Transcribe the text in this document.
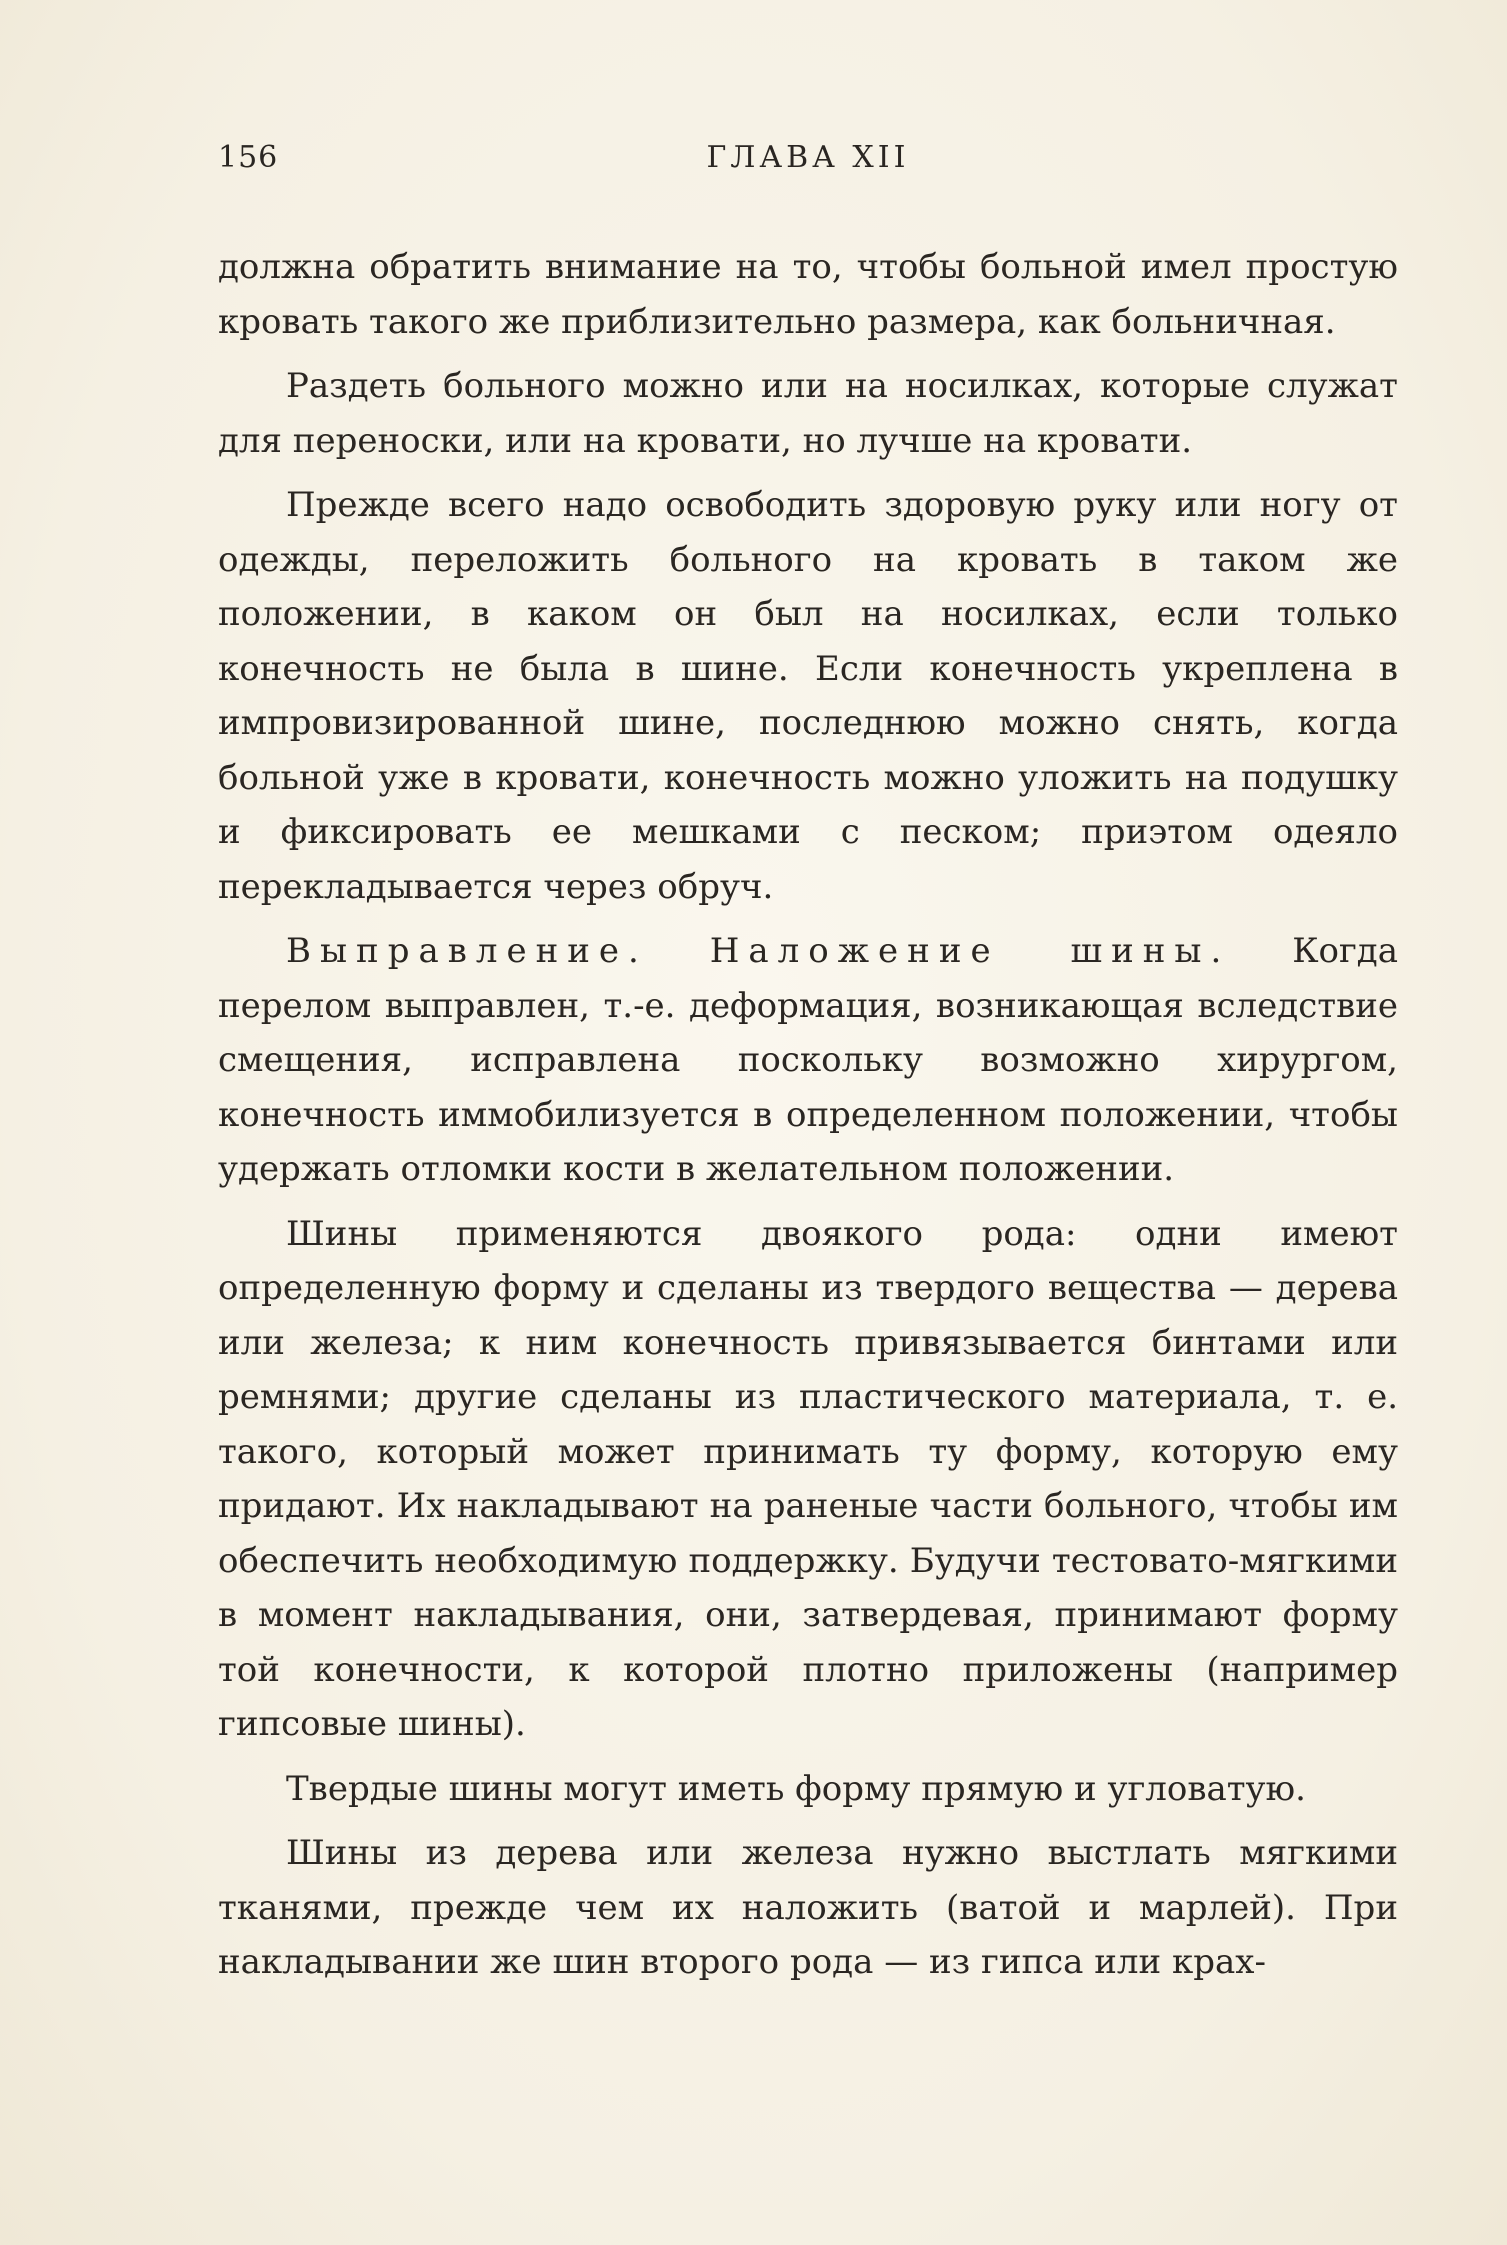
156	ГЛАВА XII

должна обратить внимание на то, чтобы больной имел простую кровать такого же приблизительно размера, как больничная.

Раздеть больного можно или на носилках, которые служат для переноски, или на кровати, но лучше на кровати.

Прежде всего надо освободить здоровую руку или ногу от одежды, переложить больного на кровать в таком же положении, в каком он был на носилках, если только конечность не была в шине. Если конечность укреплена в импровизированной шине, последнюю можно снять, когда больной уже в кровати, конечность можно уложить на подушку и фиксировать ее мешками с песком; приэтом одеяло перекладывается через обруч.

Выправление. Наложение шины. Когда перелом выправлен, т.-е. деформация, возникающая вследствие смещения, исправлена поскольку возможно хирургом, конечность иммобилизуется в определенном положении, чтобы удержать отломки кости в желательном положении.

Шины применяются двоякого рода: одни имеют определенную форму и сделаны из твердого вещества — дерева или железа; к ним конечность привязывается бинтами или ремнями; другие сделаны из пластического материала, т. е. такого, который может принимать ту форму, которую ему придают. Их накладывают на раненые части больного, чтобы им обеспечить необходимую поддержку. Будучи тестовато-мягкими в момент накладывания, они, затвердевая, принимают форму той конечности, к которой плотно приложены (например гипсовые шины).

Твердые шины могут иметь форму прямую и угловатую.

Шины из дерева или железа нужно выстлать мягкими тканями, прежде чем их наложить (ватой и марлей). При накладывании же шин второго рода — из гипса или крах-
